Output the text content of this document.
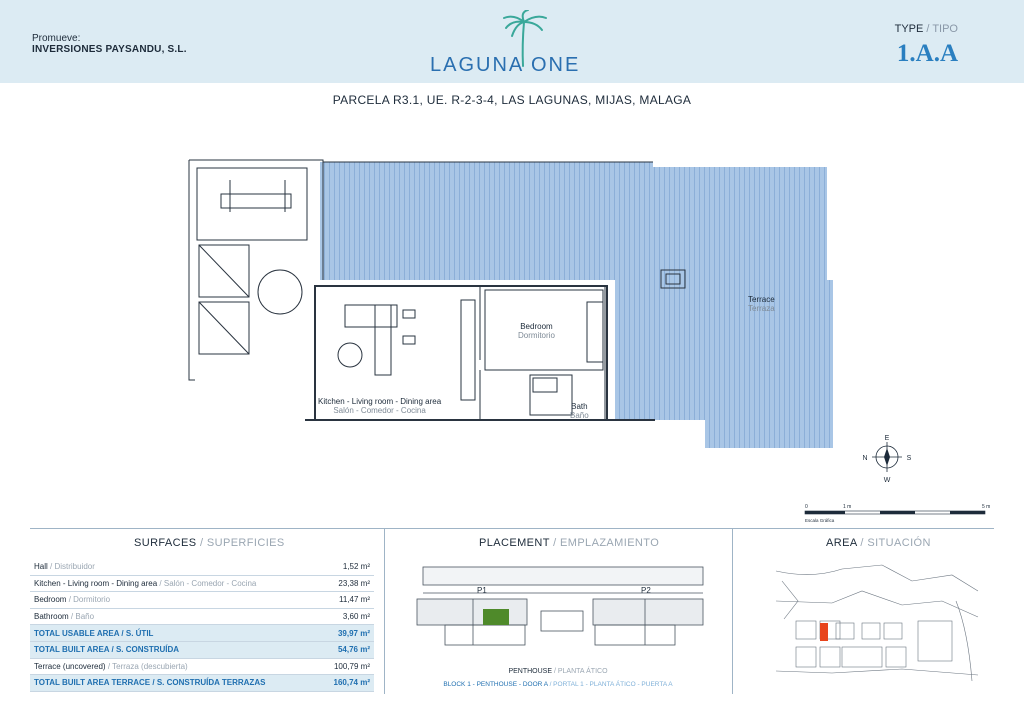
Promueve:
INVERSIONES PAYSANDU, S.L.
LAGUNA ONE
TYPE / TIPO
1.A.A
PARCELA R3.1, UE. R-2-3-4, LAS LAGUNAS, MIJAS, MALAGA
Terrace
Terraza
Bedroom
Dormitorio
Kitchen - Living room - Dining area
Salón - Comedor - Cocina	Bath
Baño
E
W
N	S
0	1 m	5 m
Escala Gráfica
SURFACES / SUPERFICIES	PLACEMENT / EMPLAZAMIENTO	AREA / SITUACIÓN
Hall / Distribuidor	1,52 m²
Kitchen - Living room - Dining area / Salón - Comedor - Cocina	23,38 m²
Bedroom / Dormitorio	11,47 m²
Bathroom / Baño	3,60 m²
TOTAL USABLE AREA / S. ÚTIL	39,97 m²
TOTAL BUILT AREA / S. CONSTRUÍDA	54,76 m²
Terrace (uncovered) / Terraza (descubierta)	100,79 m²
TOTAL BUILT AREA TERRACE / S. CONSTRUÍDA TERRAZAS	160,74 m²
P1	P2
PENTHOUSE / PLANTA ÁTICO
BLOCK 1 - PENTHOUSE - DOOR A / PORTAL 1 - PLANTA ÁTICO - PUERTA A
